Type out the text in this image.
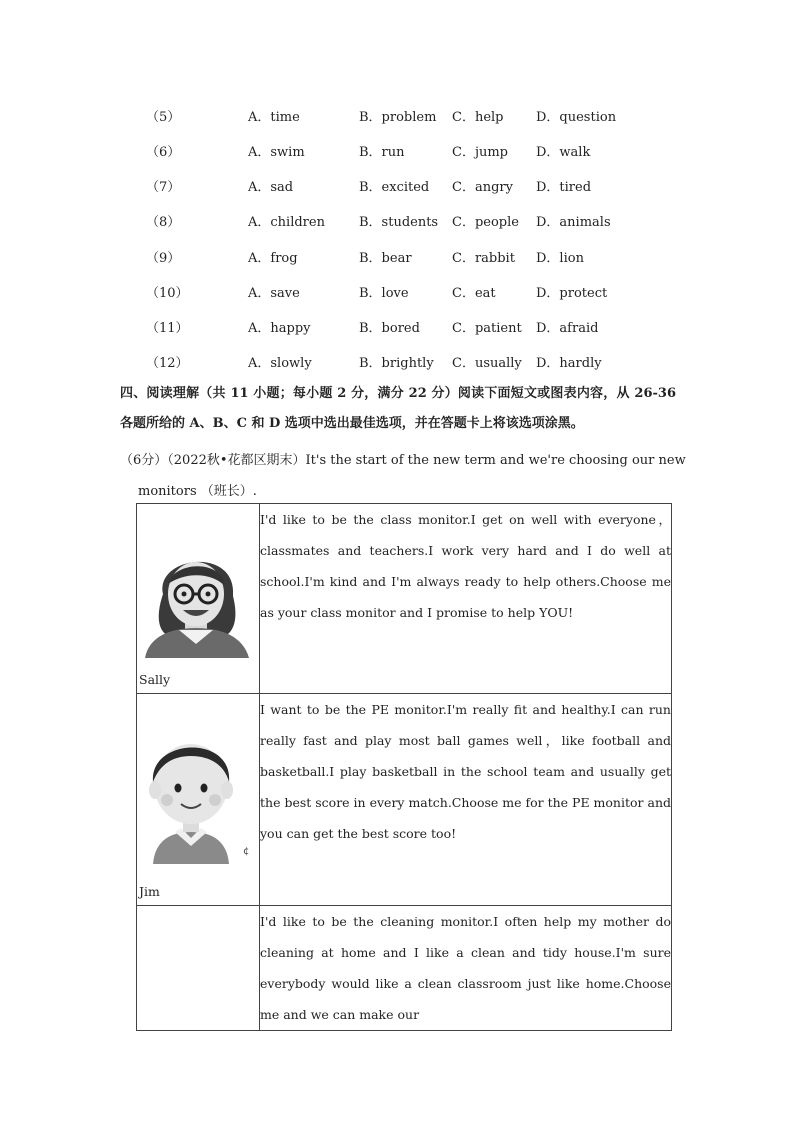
（5）	A．time	B．problem C．help	D．question
（6）	A．swim	B．run	C．jump D．walk
（7）	A．sad	B．excited C．angry D．tired
（8）	A．children	B．students C．people D．animals
（9）	A．frog	B．bear	C．rabbit D．lion
（10）	A．save	B．love	C．eat	D．protect
（11）	A．happy	B．bored C．patient D．afraid
（12）	A．slowly	B．brightly C．usually D．hardly
四、阅读理解（共 11 小题；每小题 2 分，满分 22 分）阅读下面短文或图表内容，从 26-36 各题所给的 A、B、C 和 D 选项中选出最佳选项，并在答题卡上将该选项涂黑。
（6分）（2022秋•花都区期末）It's the start of the new term and we're choosing our new
monitors （班长）.
Sally	I'd like to be the class monitor.I get on well with everyone，classmates and teachers.I work very hard and I do well at school.I'm kind and I'm always ready to help others.Choose me as your class monitor and I promise to help YOU!

¢
Jim	I want to be the PE monitor.I'm really fit and healthy.I can run really fast and play most ball games well，like football and basketball.I play basketball in the school team and usually get the best score in every match.Choose me for the PE monitor and you can get the best score too!
	I'd like to be the cleaning monitor.I often help my mother do cleaning at home and I like a clean and tidy house.I'm sure everybody would like a clean classroom just like home.Choose me and we can make our
